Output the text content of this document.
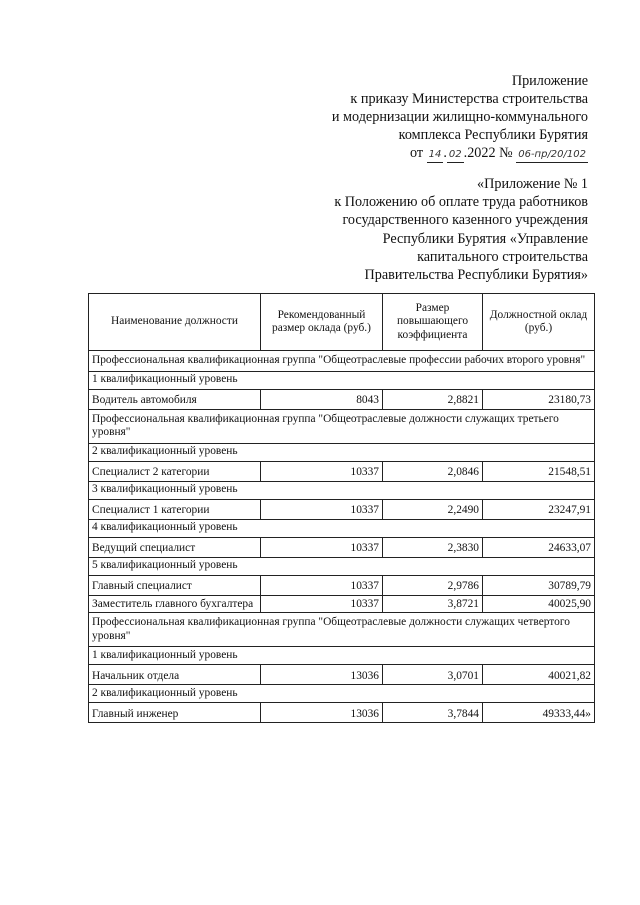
Приложение
к приказу Министерства строительства
и модернизации жилищно-коммунального
комплекса Республики Бурятия
от 14 . 02 .2022 № 06-пр/20/102
«Приложение № 1
к Положению об оплате труда работников
государственного казенного учреждения
Республики Бурятия «Управление
капитального строительства
Правительства Республики Бурятия»
Наименование должности	Рекомендованный размер оклада (руб.)	Размер повышающего коэффициента	Должностной оклад (руб.)
Профессиональная квалификационная группа "Общеотраслевые профессии рабочих второго уровня"			
1 квалификационный уровень			
Водитель автомобиля	8043	2,8821	23180,73
Профессиональная квалификационная группа "Общеотраслевые должности служащих третьего уровня"			
2 квалификационный уровень			
Специалист 2 категории	10337	2,0846	21548,51
3 квалификационный уровень			
Специалист 1 категории	10337	2,2490	23247,91
4 квалификационный уровень			
Ведущий специалист	10337	2,3830	24633,07
5 квалификационный уровень			
Главный специалист	10337	2,9786	30789,79
Заместитель главного бухгалтера	10337	3,8721	40025,90
Профессиональная квалификационная группа "Общеотраслевые должности служащих четвертого уровня"			
1 квалификационный уровень			
Начальник отдела	13036	3,0701	40021,82
2 квалификационный уровень			
Главный инженер	13036	3,7844	49333,44»
